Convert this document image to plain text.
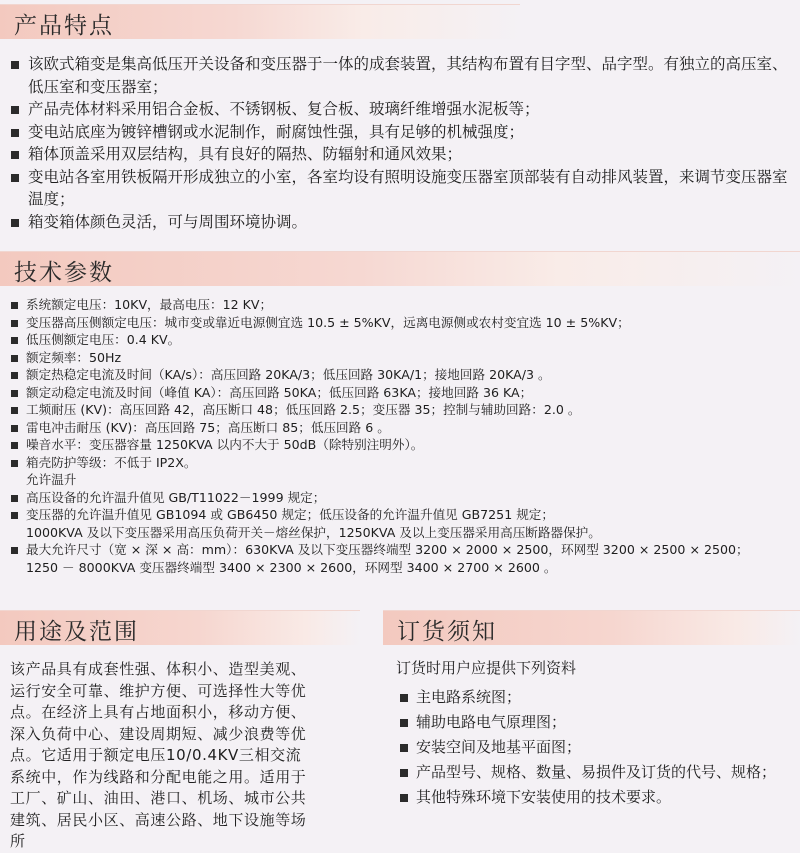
产品特点
该欧式箱变是集高低压开关设备和变压器于一体的成套装置，其结构布置有目字型、品字型。有独立的高压室、低压室和变压器室；
产品壳体材料采用铝合金板、不锈钢板、复合板、玻璃纤维增强水泥板等；
变电站底座为镀锌槽钢或水泥制作，耐腐蚀性强，具有足够的机械强度；
箱体顶盖采用双层结构，具有良好的隔热、防辐射和通风效果；
变电站各室用铁板隔开形成独立的小室，各室均设有照明设施变压器室顶部装有自动排风装置，来调节变压器室温度；
箱变箱体颜色灵活，可与周围环境协调。
技术参数
系统额定电压：10KV，最高电压：12 KV；
变压器高压侧额定电压：城市变或靠近电源侧宜选 10.5 ± 5%KV，远离电源侧或农村变宜选 10 ± 5%KV；
低压侧额定电压：0.4 KV。
额定频率：50Hz
额定热稳定电流及时间（KA/s）：高压回路 20KA/3；低压回路 30KA/1；接地回路 20KA/3 。
额定动稳定电流及时间（峰值 KA）：高压回路 50KA；低压回路 63KA；接地回路 36 KA；
工频耐压 (KV)：高压回路 42，高压断口 48；低压回路 2.5；变压器 35；控制与辅助回路：2.0 。
雷电冲击耐压 (KV)：高压回路 75；高压断口 85；低压回路 6 。
噪音水平：变压器容量 1250KVA 以内不大于 50dB（除特别注明外）。
箱壳防护等级：不低于 IP2X。
允许温升
高压设备的允许温升值见 GB/T11022－1999 规定；
变压器的允许温升值见 GB1094 或 GB6450 规定；低压设备的允许温升值见 GB7251 规定；
1000KVA 及以下变压器采用高压负荷开关－熔丝保护，1250KVA 及以上变压器采用高压断路器保护。
最大允许尺寸（宽 × 深 × 高：mm）：630KVA 及以下变压器终端型 3200 × 2000 × 2500，环网型 3200 × 2500 × 2500；
1250 － 8000KVA 变压器终端型 3400 × 2300 × 2600，环网型 3400 × 2700 × 2600 。
用途及范围
该产品具有成套性强、体积小、造型美观、
运行安全可靠、维护方便、可选择性大等优
点。在经济上具有占地面积小，移动方便、
深入负荷中心、建设周期短、减少浪费等优
点。它适用于额定电压10/0.4KV三相交流
系统中，作为线路和分配电能之用。适用于
工厂、矿山、油田、港口、机场、城市公共
建筑、居民小区、高速公路、地下设施等场
所
订货须知
订货时用户应提供下列资料
主电路系统图；
辅助电路电气原理图；
安装空间及地基平面图；
产品型号、规格、数量、易损件及订货的代号、规格；
其他特殊环境下安装使用的技术要求。
